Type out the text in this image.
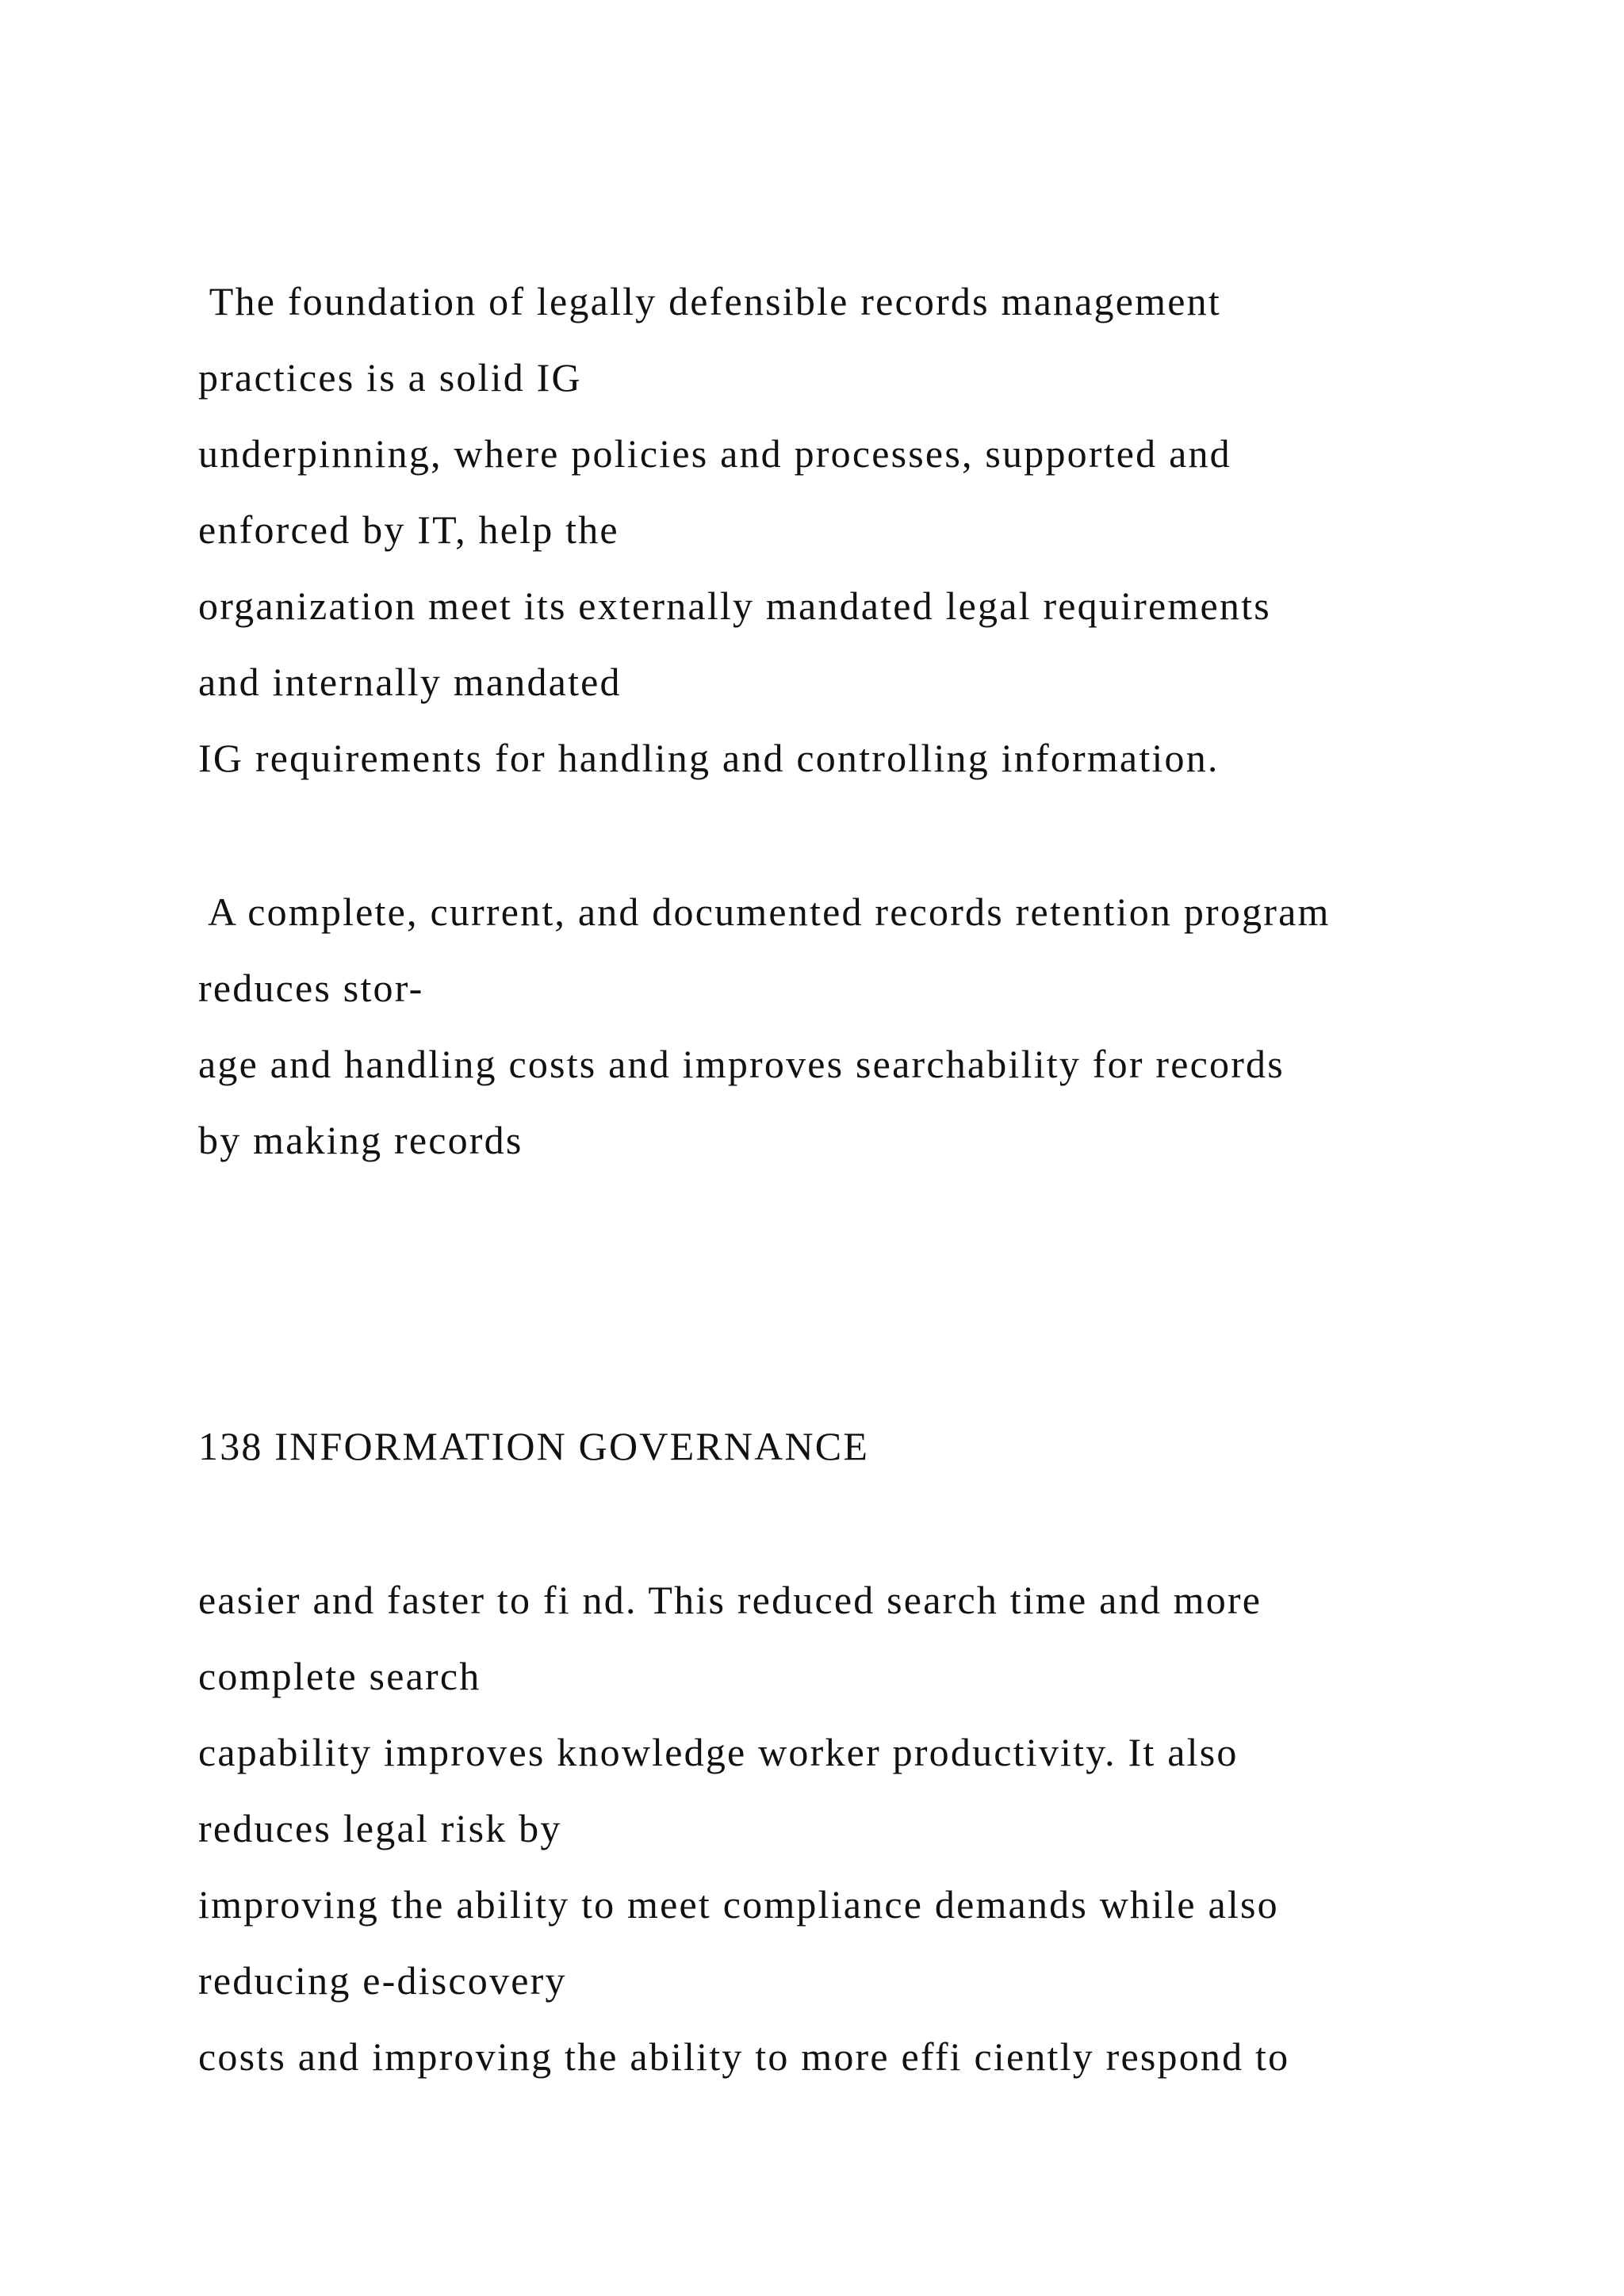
The foundation of legally defensible records management

practices is a solid IG

underpinning, where policies and processes, supported and

enforced by IT, help the

organization meet its externally mandated legal requirements

and internally mandated

IG requirements for handling and controlling information.

A complete, current, and documented records retention program

reduces stor-

age and handling costs and improves searchability for records

by making records

138 INFORMATION GOVERNANCE

easier and faster to fi nd. This reduced search time and more

complete search

capability improves knowledge worker productivity. It also

reduces legal risk by

improving the ability to meet compliance demands while also

reducing e-discovery

costs and improving the ability to more effi ciently respond to
